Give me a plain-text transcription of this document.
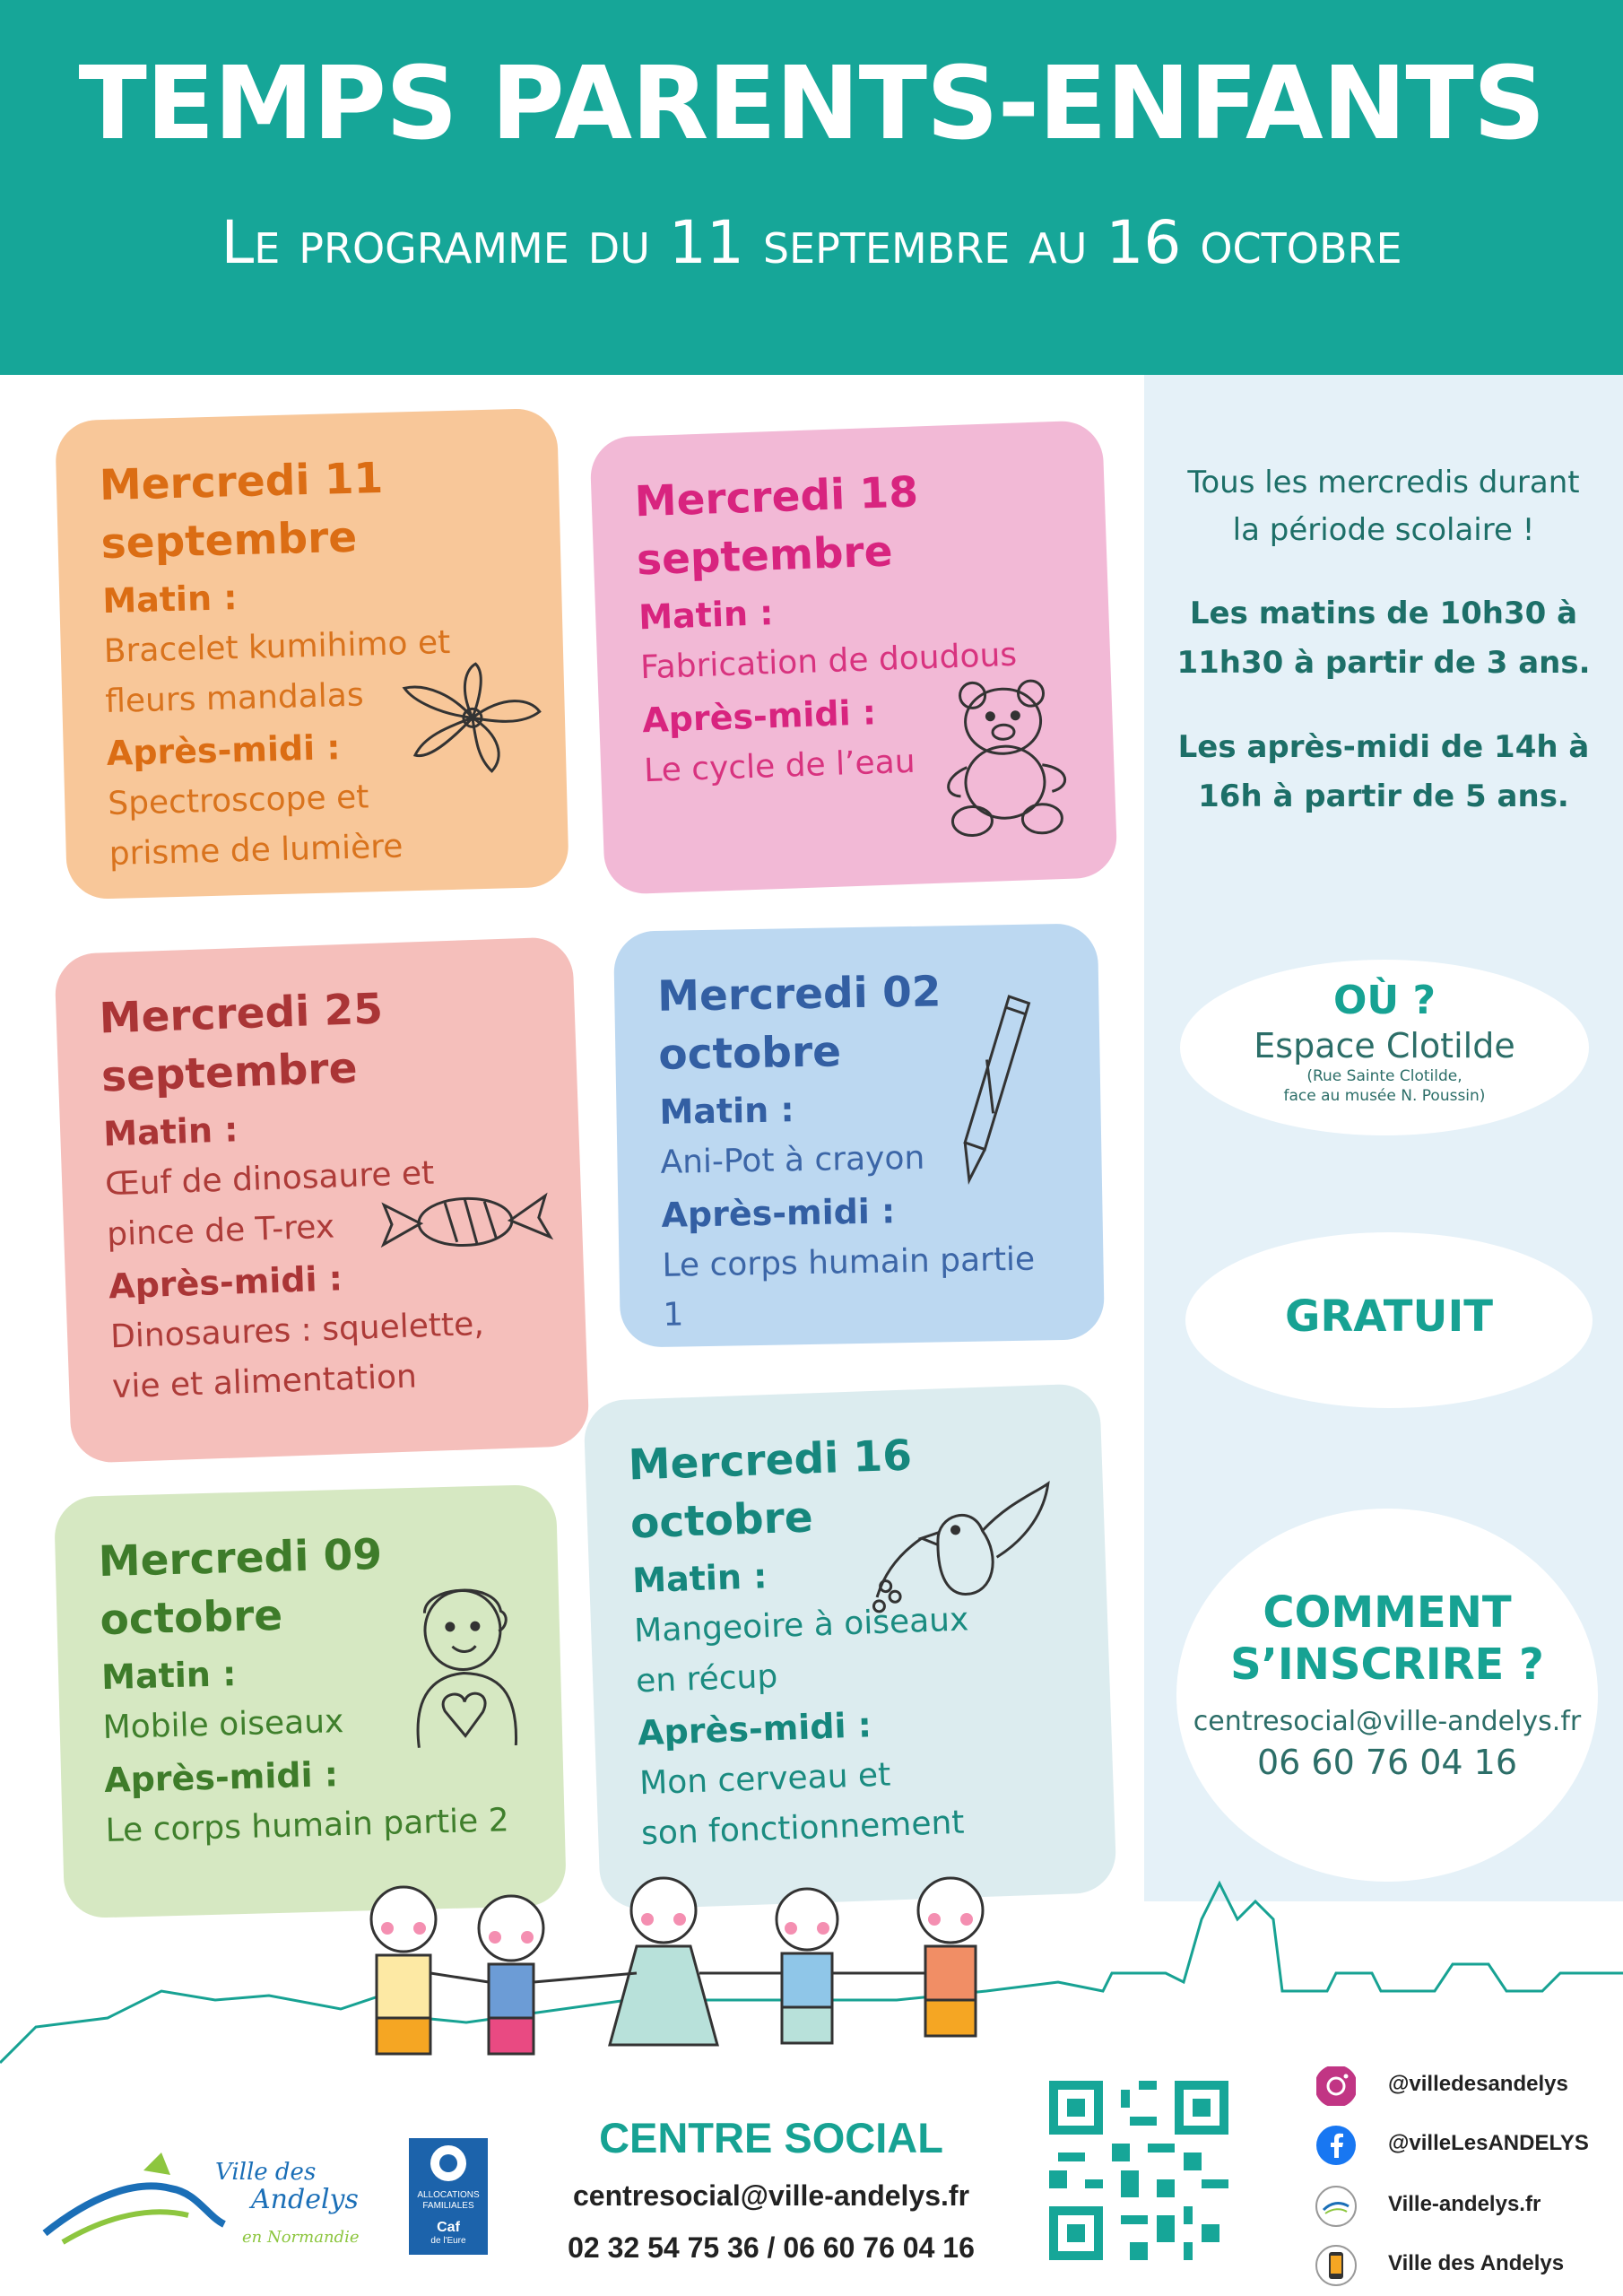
TEMPS PARENTS-ENFANTS
Le programme du 11 septembre au 16 octobre
Mercredi 11
septembre
Matin :
Bracelet kumihimo et
fleurs mandalas
Après-midi :
Spectroscope et
prisme de lumière
Mercredi 18
septembre
Matin :
Fabrication de doudous
Après-midi :
Le cycle de l’eau
Mercredi 25
septembre
Matin :
Œuf de dinosaure et
pince de T-rex
Après-midi :
Dinosaures : squelette,
vie et alimentation
Mercredi 02
octobre
Matin :
Ani-Pot à crayon
Après-midi :
Le corps humain partie 1
Mercredi 09
octobre
Matin :
Mobile oiseaux
Après-midi :
Le corps humain partie 2
Mercredi 16
octobre
Matin :
Mangeoire à oiseaux
en récup
Après-midi :
Mon cerveau et
son fonctionnement
Tous les mercredis durant
la période scolaire !
Les matins de 10h30 à
11h30 à partir de 3 ans.
Les après-midi de 14h à
16h à partir de 5 ans.
OÙ ?
Espace Clotilde
(Rue Sainte Clotilde,
face au musée N. Poussin)
GRATUIT
COMMENT
S’INSCRIRE ?
centresocial@ville-andelys.fr
06 60 76 04 16
Ville des
Andelys
en Normandie
ALLOCATIONS FAMILIALES
Caf
de l'Eure
CENTRE SOCIAL
centresocial@ville-andelys.fr
02 32 54 75 36 / 06 60 76 04 16
@villedesandelys
@villeLesANDELYS
Ville-andelys.fr
Ville des Andelys
